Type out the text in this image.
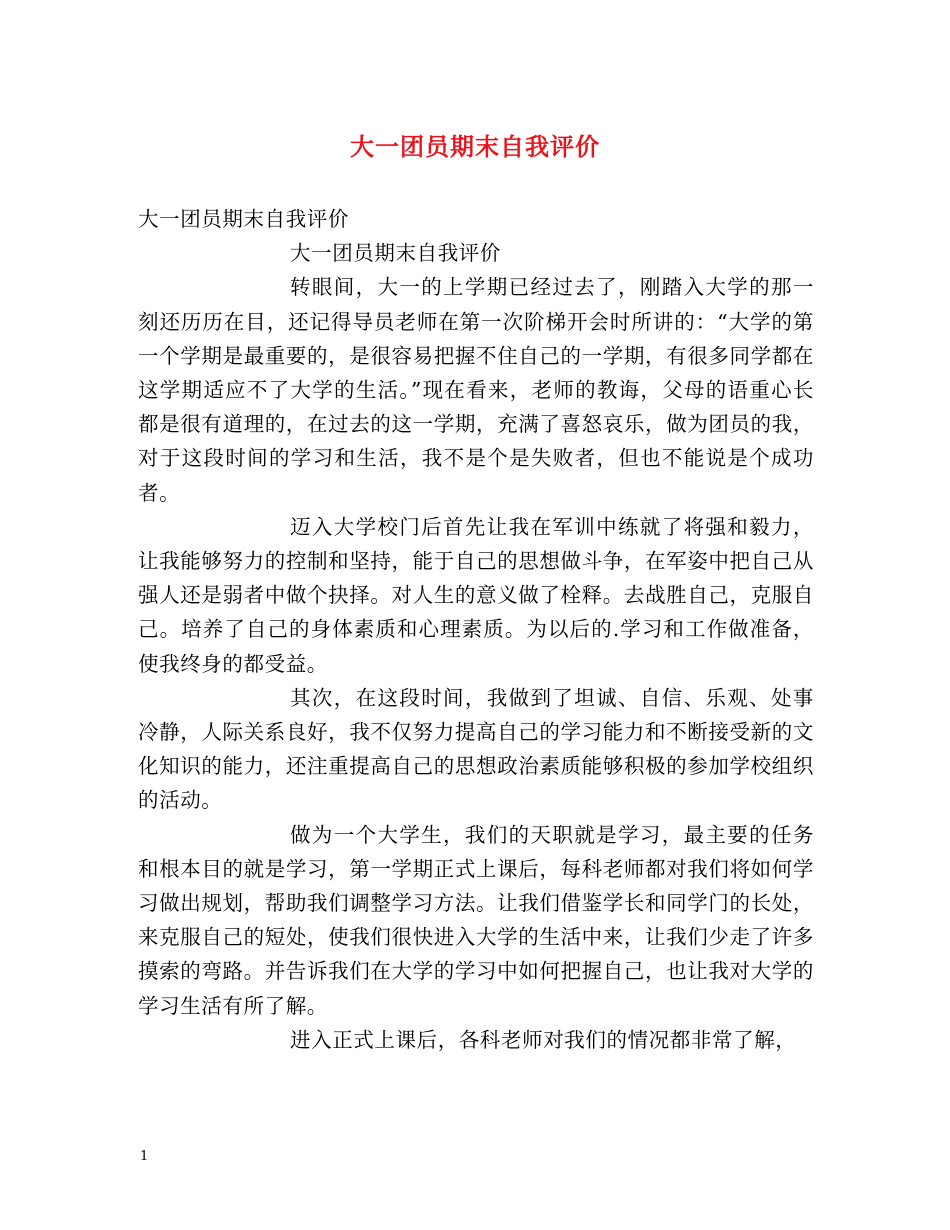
大一团员期末自我评价

大一团员期末自我评价

大一团员期末自我评价

转眼间，大一的上学期已经过去了，刚踏入大学的那一刻还历历在目，还记得导员老师在第一次阶梯开会时所讲的：“大学的第一个学期是最重要的，是很容易把握不住自己的一学期，有很多同学都在这学期适应不了大学的生活。”现在看来，老师的教诲，父母的语重心长都是很有道理的，在过去的这一学期，充满了喜怒哀乐，做为团员的我，对于这段时间的学习和生活，我不是个是失败者，但也不能说是个成功者。

迈入大学校门后首先让我在军训中练就了将强和毅力，让我能够努力的控制和坚持，能于自己的思想做斗争，在军姿中把自己从强人还是弱者中做个抉择。对人生的意义做了栓释。去战胜自己，克服自己。培养了自己的身体素质和心理素质。为以后的.学习和工作做准备，使我终身的都受益。

其次，在这段时间，我做到了坦诚、自信、乐观、处事冷静，人际关系良好，我不仅努力提高自己的学习能力和不断接受新的文化知识的能力，还注重提高自己的思想政治素质能够积极的参加学校组织的活动。

做为一个大学生，我们的天职就是学习，最主要的任务和根本目的就是学习，第一学期正式上课后，每科老师都对我们将如何学习做出规划，帮助我们调整学习方法。让我们借鉴学长和同学门的长处，来克服自己的短处，使我们很快进入大学的生活中来，让我们少走了许多摸索的弯路。并告诉我们在大学的学习中如何把握自己，也让我对大学的学习生活有所了解。

进入正式上课后，各科老师对我们的情况都非常了解，

1
